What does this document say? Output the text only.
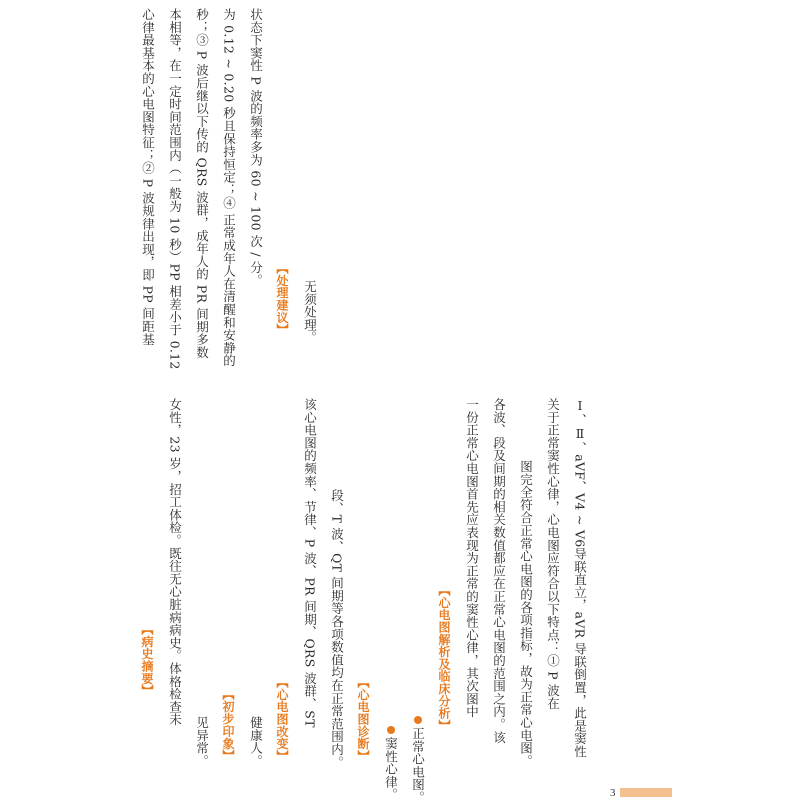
心律最基本的心电图特征；② P 波规律出现，即 PP 间距基 本相等，在一定时间范围内（一般为 10 秒）PP 相差小于 0.12 秒；③ P 波后继以下传的 QRS 波群，成年人的 PR 间期多数 为 0.12 ~ 0.20 秒且保持恒定；④ 正常成年人在清醒和安静的 状态下窦性 P 波的频率多为 60 ~ 100 次 / 分。
【处理建议】 无须处理。
【病史摘要】 女性，23 岁，招工体检。既往无心脏病病史。体格检查未
见异常。 【初步印象】 健康人。 【心电图改变】 该心电图的频率、节律、P 波、PR 间期、QRS 波群、ST 段、T 波、QT 间期等各项数值均在正常范围内。 【心电图诊断】
窦性心律。 正常心电图。
【心电图解析及临床分析】 一份正常心电图首先应表现为正常的窦性心律，其次图中 各波、段及间期的相关数值都应在正常心电图的范围之内。该 图完全符合正常心电图的各项指标，故为正常心电图。 关于正常窦性心律，心电图应符合以下特点：① P 波在 Ⅰ、Ⅱ、aVF、V4 ~ V6导联直立，aVR 导联倒置，此是窦性
3
